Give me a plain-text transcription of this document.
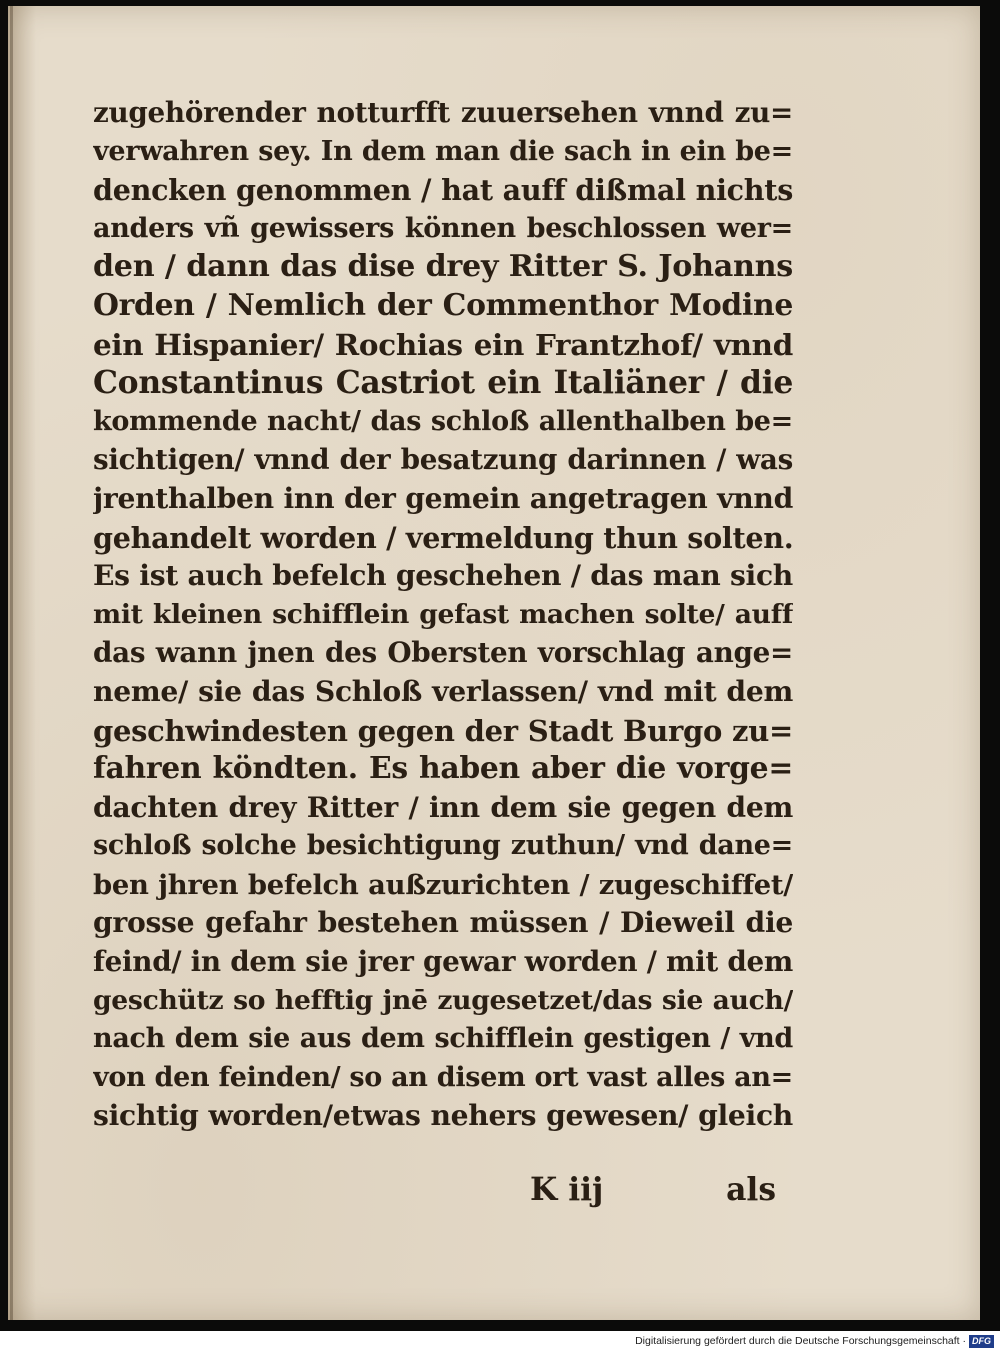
zugehörender notturfft zuuersehen vnnd zu=
verwahren sey. In dem man die sach in ein be=
dencken genommen / hat auff dißmal nichts
anders vñ gewissers können beschlossen wer=
den / dann das dise drey Ritter S. Johanns
Orden / Nemlich der Commenthor Modine
ein Hispanier/ Rochias ein Frantzhof/ vnnd
Constantinus Castriot ein Italiäner / die
kommende nacht/ das schloß allenthalben be=
sichtigen/ vnnd der besatzung darinnen / was
jrenthalben inn der gemein angetragen vnnd
gehandelt worden / vermeldung thun solten.
Es ist auch befelch geschehen / das man sich
mit kleinen schifflein gefast machen solte/ auff
das wann jnen des Obersten vorschlag ange=
neme/ sie das Schloß verlassen/ vnd mit dem
geschwindesten gegen der Stadt Burgo zu=
fahren köndten. Es haben aber die vorge=
dachten drey Ritter / inn dem sie gegen dem
schloß solche besichtigung zuthun/ vnd dane=
ben jhren befelch außzurichten / zugeschiffet/
grosse gefahr bestehen müssen / Dieweil die
feind/ in dem sie jrer gewar worden / mit dem
geschütz so hefftig jnē zugesetzet/das sie auch/
nach dem sie aus dem schifflein gestigen / vnd
von den feinden/ so an disem ort vast alles an=
sichtig worden/etwas nehers gewesen/ gleich
K iij	als
Digitalisierung gefördert durch die Deutsche Forschungsgemeinschaft · DFG
